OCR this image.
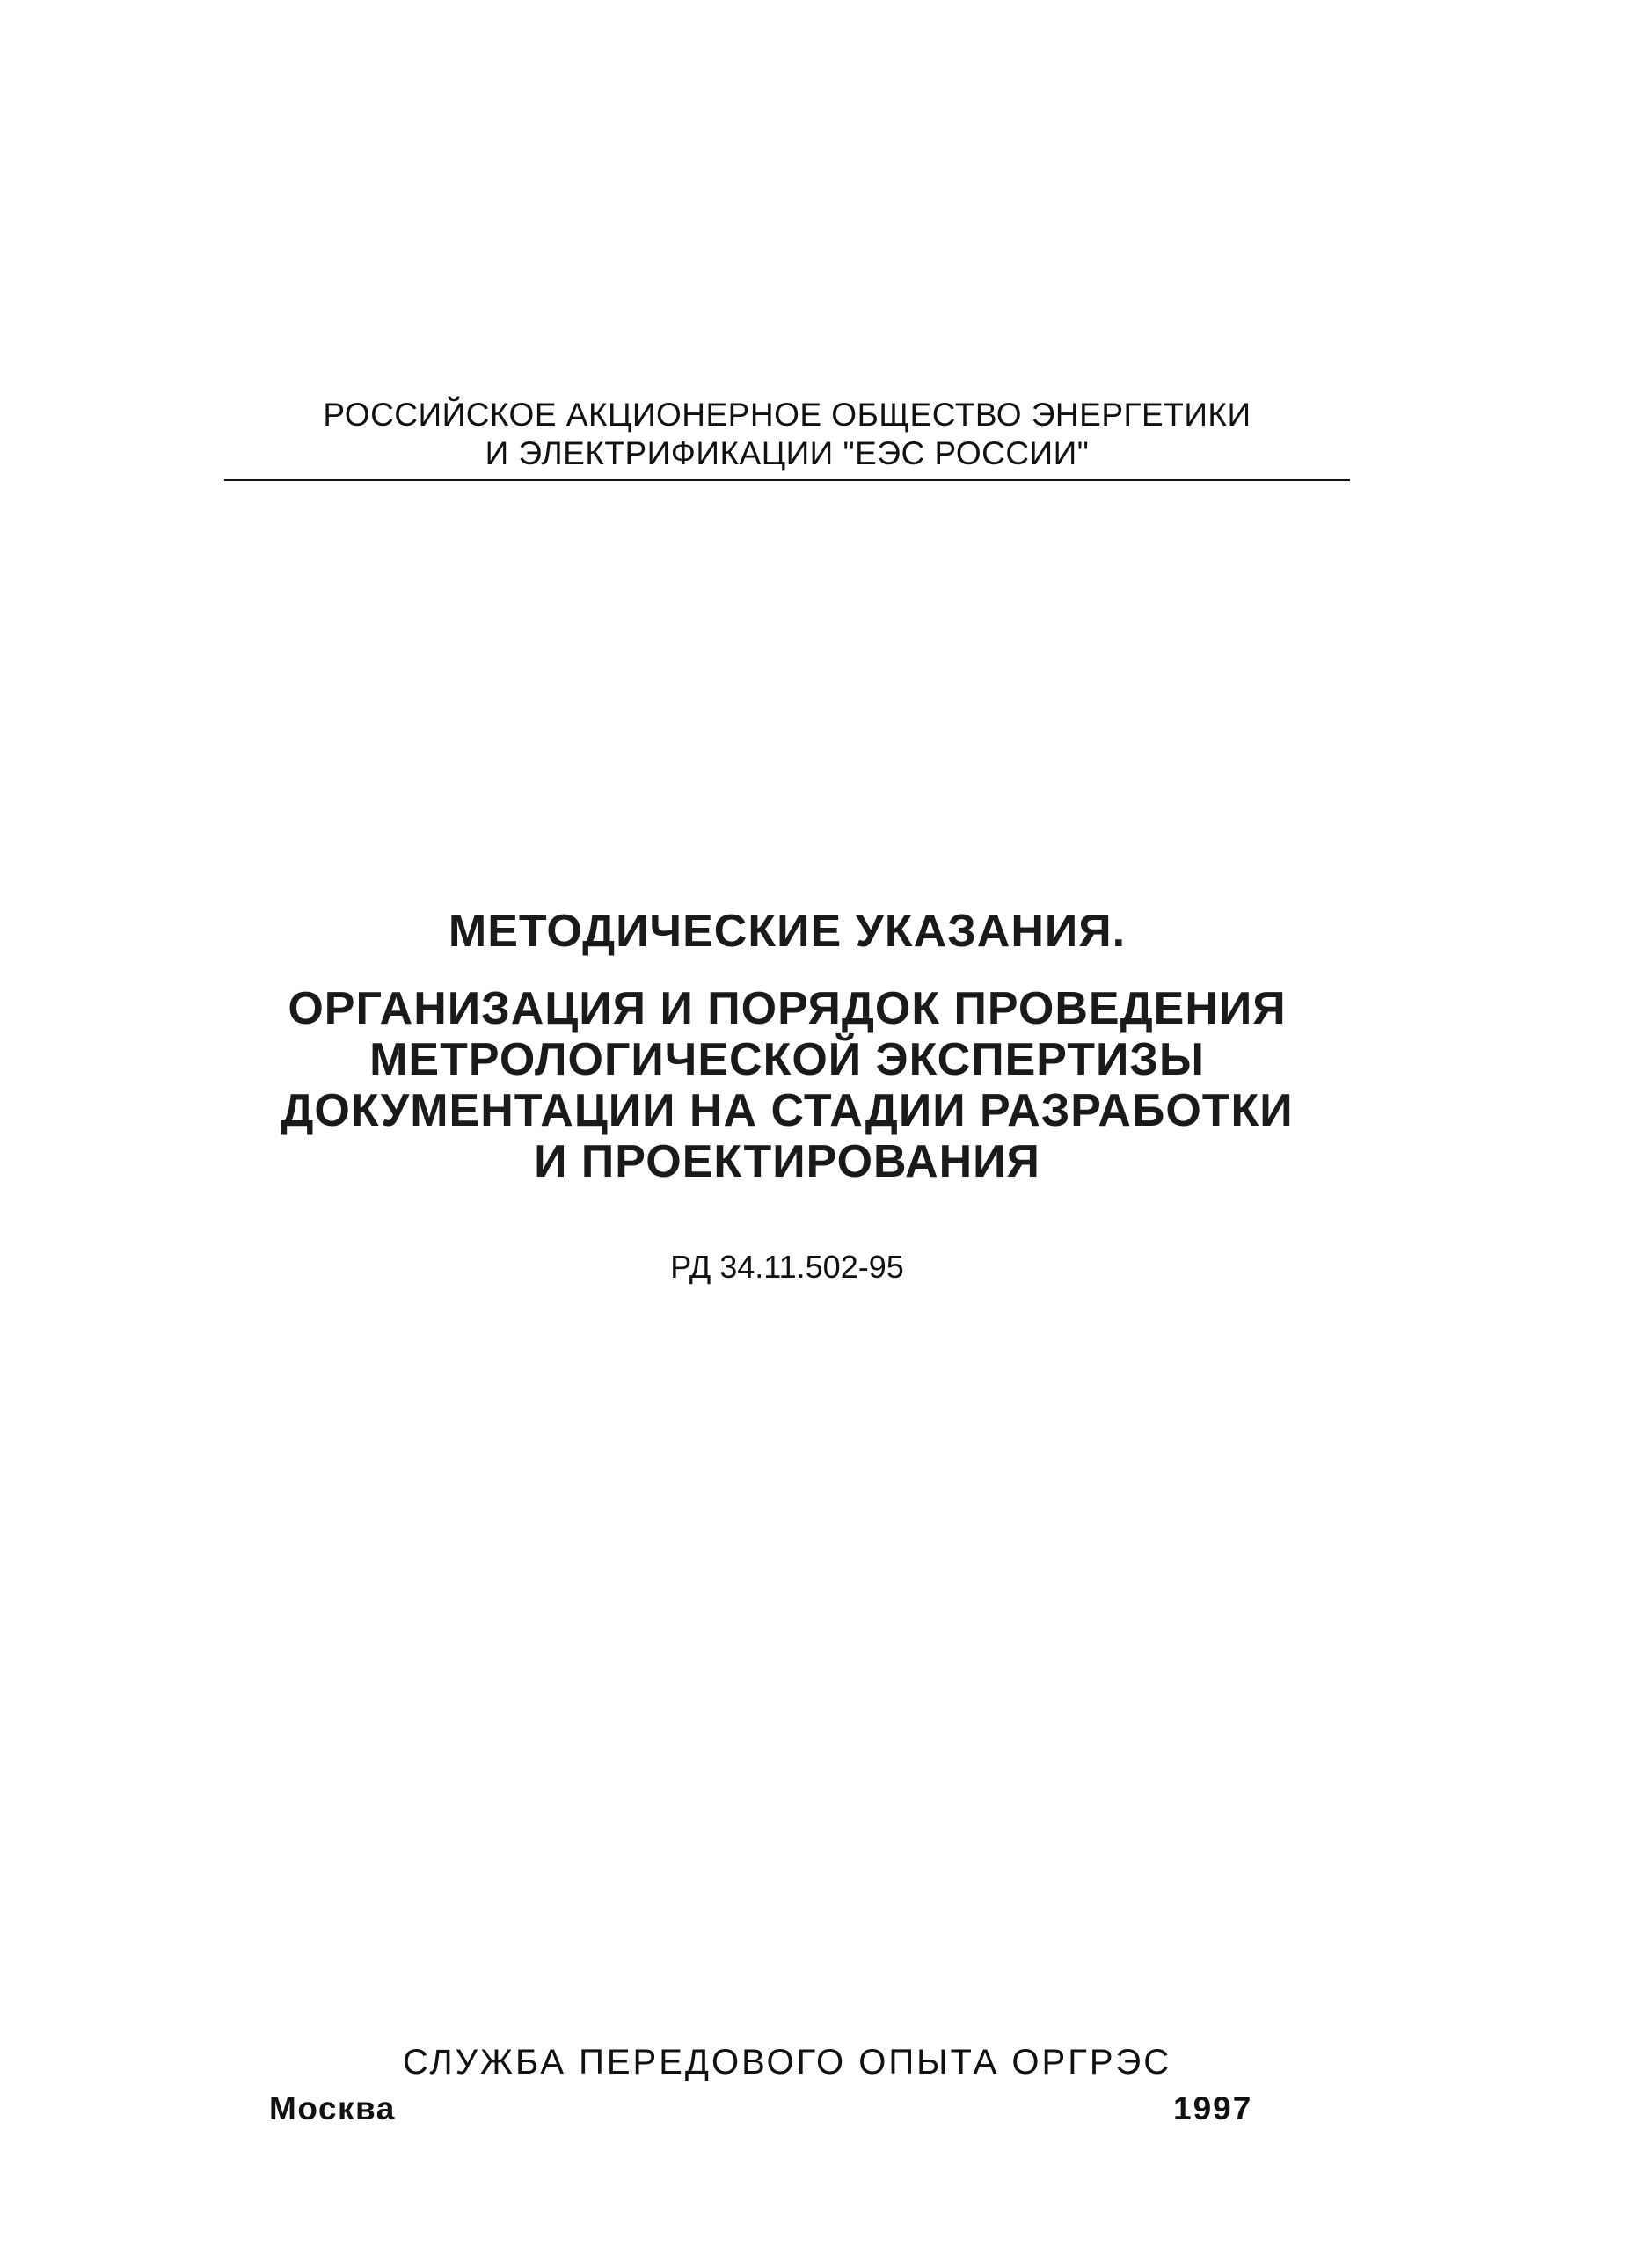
РОССИЙСКОЕ АКЦИОНЕРНОЕ ОБЩЕСТВО ЭНЕРГЕТИКИ
И ЭЛЕКТРИФИКАЦИИ "ЕЭС РОССИИ"
МЕТОДИЧЕСКИЕ УКАЗАНИЯ.
ОРГАНИЗАЦИЯ И ПОРЯДОК ПРОВЕДЕНИЯ
МЕТРОЛОГИЧЕСКОЙ ЭКСПЕРТИЗЫ
ДОКУМЕНТАЦИИ НА СТАДИИ РАЗРАБОТКИ
И ПРОЕКТИРОВАНИЯ
РД 34.11.502-95
СЛУЖБА ПЕРЕДОВОГО ОПЫТА ОРГРЭС
Москва	1997
